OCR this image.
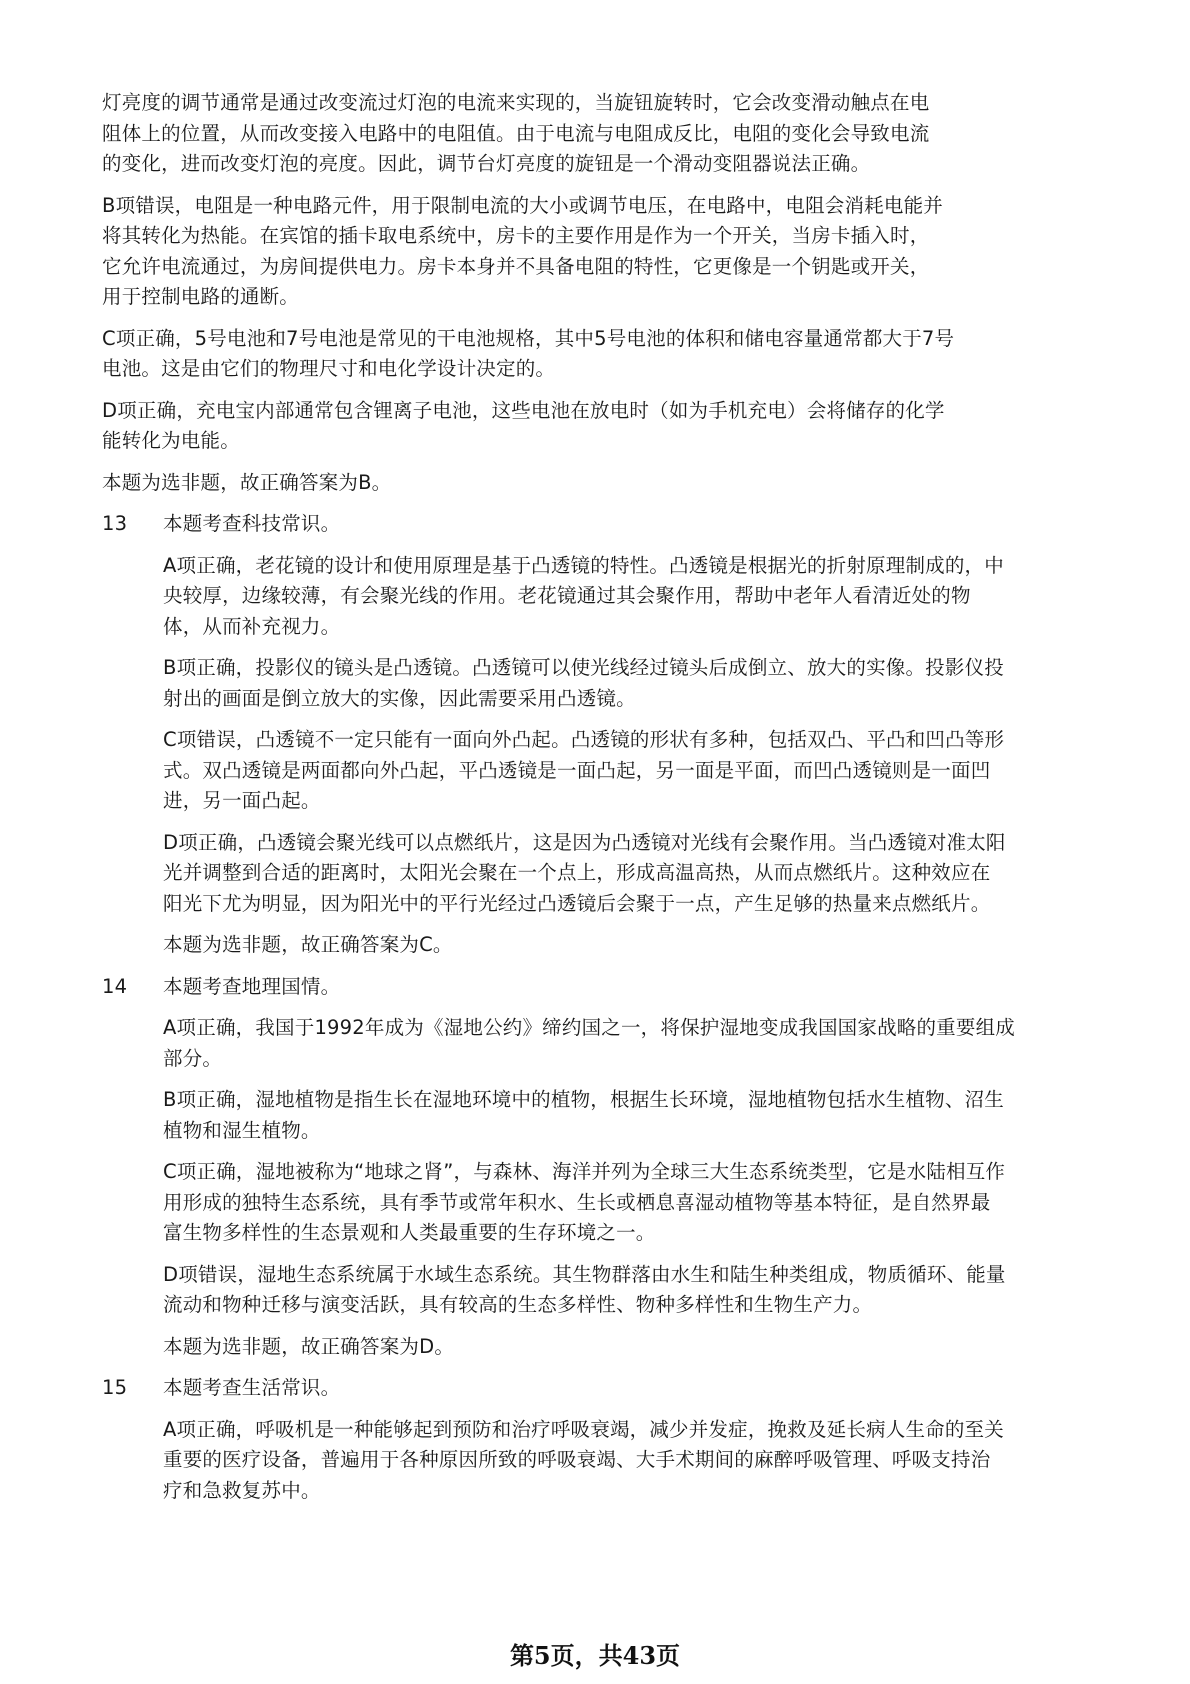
灯亮度的调节通常是通过改变流过灯泡的电流来实现的，当旋钮旋转时，它会改变滑动触点在电
阻体上的位置，从而改变接入电路中的电阻值。由于电流与电阻成反比，电阻的变化会导致电流
的变化，进而改变灯泡的亮度。因此，调节台灯亮度的旋钮是一个滑动变阻器说法正确。
B项错误，电阻是一种电路元件，用于限制电流的大小或调节电压，在电路中，电阻会消耗电能并
将其转化为热能。在宾馆的插卡取电系统中，房卡的主要作用是作为一个开关，当房卡插入时，
它允许电流通过，为房间提供电力。房卡本身并不具备电阻的特性，它更像是一个钥匙或开关，
用于控制电路的通断。
C项正确，5号电池和7号电池是常见的干电池规格，其中5号电池的体积和储电容量通常都大于7号
电池。这是由它们的物理尺寸和电化学设计决定的。
D项正确，充电宝内部通常包含锂离子电池，这些电池在放电时（如为手机充电）会将储存的化学
能转化为电能。
本题为选非题，故正确答案为B。
13 本题考查科技常识。
A项正确，老花镜的设计和使用原理是基于凸透镜的特性。凸透镜是根据光的折射原理制成的，中
央较厚，边缘较薄，有会聚光线的作用。老花镜通过其会聚作用，帮助中老年人看清近处的物
体，从而补充视力。
B项正确，投影仪的镜头是凸透镜。凸透镜可以使光线经过镜头后成倒立、放大的实像。投影仪投
射出的画面是倒立放大的实像，因此需要采用凸透镜。
C项错误，凸透镜不一定只能有一面向外凸起。凸透镜的形状有多种，包括双凸、平凸和凹凸等形
式。双凸透镜是两面都向外凸起，平凸透镜是一面凸起，另一面是平面，而凹凸透镜则是一面凹
进，另一面凸起。
D项正确，凸透镜会聚光线可以点燃纸片，这是因为凸透镜对光线有会聚作用。当凸透镜对准太阳
光并调整到合适的距离时，太阳光会聚在一个点上，形成高温高热，从而点燃纸片。这种效应在
阳光下尤为明显，因为阳光中的平行光经过凸透镜后会聚于一点，产生足够的热量来点燃纸片。
本题为选非题，故正确答案为C。
14 本题考查地理国情。
A项正确，我国于1992年成为《湿地公约》缔约国之一，将保护湿地变成我国国家战略的重要组成
部分。
B项正确，湿地植物是指生长在湿地环境中的植物，根据生长环境，湿地植物包括水生植物、沼生
植物和湿生植物。
C项正确，湿地被称为“地球之肾”，与森林、海洋并列为全球三大生态系统类型，它是水陆相互作
用形成的独特生态系统，具有季节或常年积水、生长或栖息喜湿动植物等基本特征，是自然界最
富生物多样性的生态景观和人类最重要的生存环境之一。
D项错误，湿地生态系统属于水域生态系统。其生物群落由水生和陆生种类组成，物质循环、能量
流动和物种迁移与演变活跃，具有较高的生态多样性、物种多样性和生物生产力。
本题为选非题，故正确答案为D。
15 本题考查生活常识。
A项正确，呼吸机是一种能够起到预防和治疗呼吸衰竭，减少并发症，挽救及延长病人生命的至关
重要的医疗设备，普遍用于各种原因所致的呼吸衰竭、大手术期间的麻醉呼吸管理、呼吸支持治
疗和急救复苏中。
第5页，共43页
